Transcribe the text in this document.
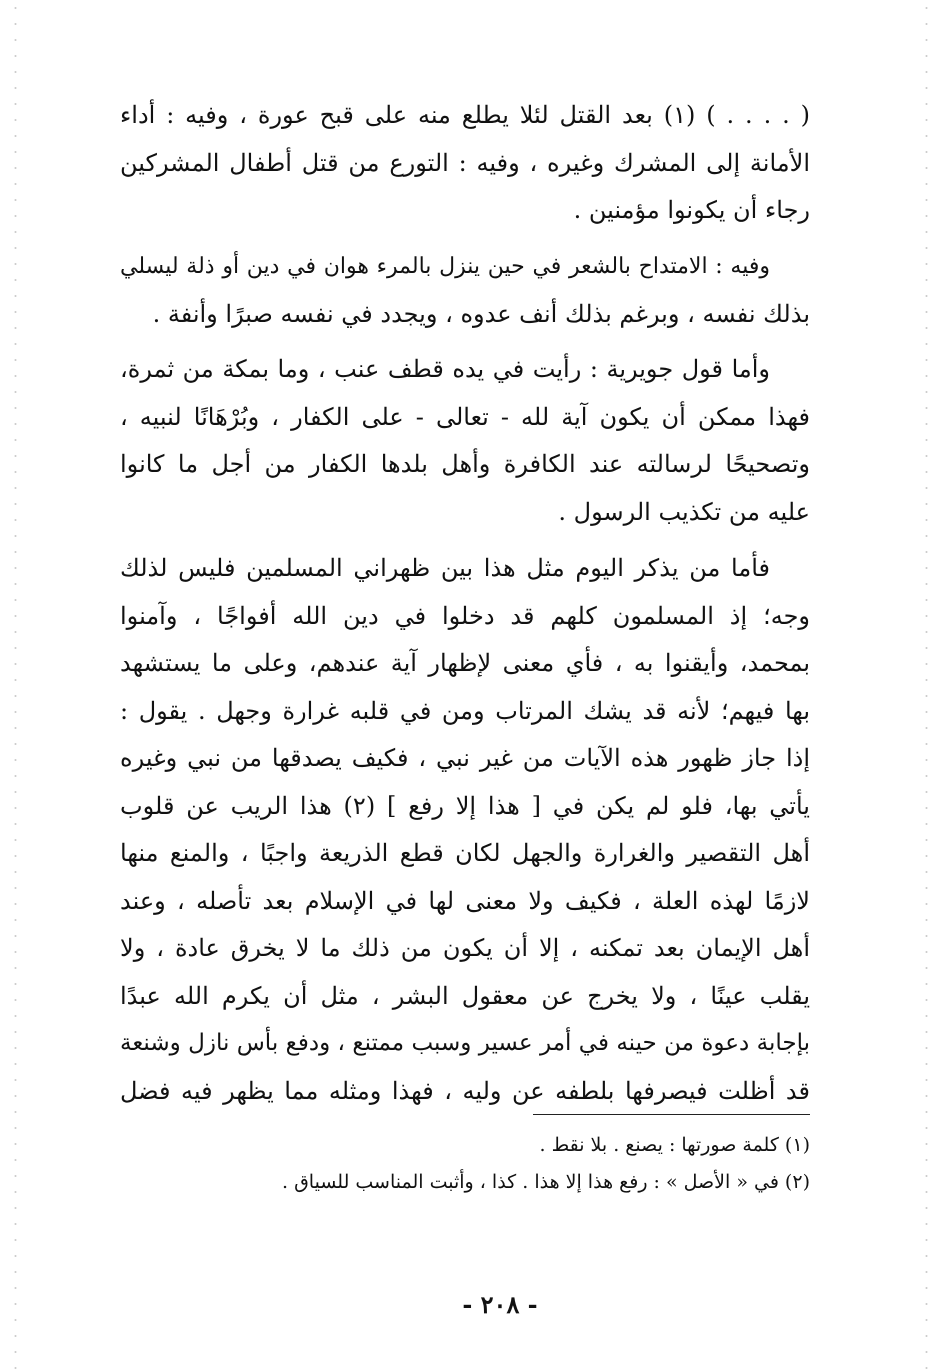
( . . . . ) (١) بعد القتل لئلا يطلع منه على قبح عورة ، وفيه : أداء
الأمانة إلى المشرك وغيره ، وفيه : التورع من قتل أطفال المشركين
رجاء أن يكونوا مؤمنين .
وفيه : الامتداح بالشعر في حين ينزل بالمرء هوان في دين أو ذلة ليسلي
بذلك نفسه ، وبرغم بذلك أنف عدوه ، ويجدد في نفسه صبرًا وأنفة .
وأما قول جويرية : رأيت في يده قطف عنب ، وما بمكة من ثمرة،
فهذا ممكن أن يكون آية لله - تعالى - على الكفار ، وبُرْهَانًا لنبيه ،
وتصحيحًا لرسالته عند الكافرة وأهل بلدها الكفار من أجل ما كانوا
عليه من تكذيب الرسول .
فأما من يذكر اليوم مثل هذا بين ظهراني المسلمين فليس لذلك
وجه؛ إذ المسلمون كلهم قد دخلوا في دين الله أفواجًا ، وآمنوا
بمحمد، وأيقنوا به ، فأي معنى لإظهار آية عندهم، وعلى ما يستشهد
بها فيهم؛ لأنه قد يشك المرتاب ومن في قلبه غرارة وجهل . يقول :
إذا جاز ظهور هذه الآيات من غير نبي ، فكيف يصدقها من نبي وغيره
يأتي بها، فلو لم يكن في [ هذا إلا رفع ] (٢) هذا الريب عن قلوب
أهل التقصير والغرارة والجهل لكان قطع الذريعة واجبًا ، والمنع منها
لازمًا لهذه العلة ، فكيف ولا معنى لها في الإسلام بعد تأصله ، وعند
أهل الإيمان بعد تمكنه ، إلا أن يكون من ذلك ما لا يخرق عادة ، ولا
يقلب عينًا ، ولا يخرج عن معقول البشر ، مثل أن يكرم الله عبدًا
بإجابة دعوة من حينه في أمر عسير وسبب ممتنع ، ودفع بأس نازل وشنعة
قد أظلت فيصرفها بلطفه عن وليه ، فهذا ومثله مما يظهر فيه فضل
(١) كلمة صورتها : يصنع . بلا نقط .
(٢) في « الأصل » : رفع هذا إلا هذا . كذا ، وأثبت المناسب للسياق .
- ٢٠٨ -
